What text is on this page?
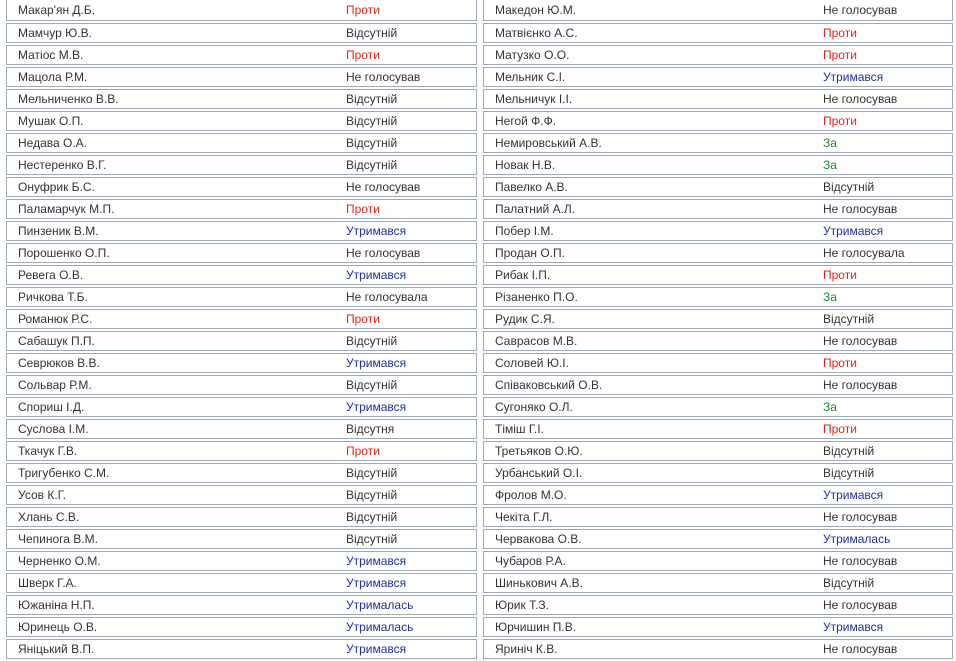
Макар'ян Д.Б.	Проти
Мамчур Ю.В.	Відсутній
Матіос М.В.	Проти
Мацола Р.М.	Не голосував
Мельниченко В.В.	Відсутній
Мушак О.П.	Відсутній
Недава О.А.	Відсутній
Нестеренко В.Г.	Відсутній
Онуфрик Б.С.	Не голосував
Паламарчук М.П.	Проти
Пинзеник В.М.	Утримався
Порошенко О.П.	Не голосував
Ревега О.В.	Утримався
Ричкова Т.Б.	Не голосувала
Романюк Р.С.	Проти
Сабашук П.П.	Відсутній
Севрюков В.В.	Утримався
Сольвар Р.М.	Відсутній
Спориш І.Д.	Утримався
Суслова І.М.	Відсутня
Ткачук Г.В.	Проти
Тригубенко С.М.	Відсутній
Усов К.Г.	Відсутній
Хлань С.В.	Відсутній
Чепинога В.М.	Відсутній
Черненко О.М.	Утримався
Шверк Г.А.	Утримався
Южаніна Н.П.	Утрималась
Юринець О.В.	Утрималась
Яніцький В.П.	Утримався
Македон Ю.М.	Не голосував
Матвієнко А.С.	Проти
Матузко О.О.	Проти
Мельник С.І.	Утримався
Мельничук І.І.	Не голосував
Негой Ф.Ф.	Проти
Немировський А.В.	За
Новак Н.В.	За
Павелко А.В.	Відсутній
Палатний А.Л.	Не голосував
Побер І.М.	Утримався
Продан О.П.	Не голосувала
Рибак І.П.	Проти
Різаненко П.О.	За
Рудик С.Я.	Відсутній
Саврасов М.В.	Не голосував
Соловей Ю.І.	Проти
Співаковський О.В.	Не голосував
Сугоняко О.Л.	За
Тіміш Г.І.	Проти
Третьяков О.Ю.	Відсутній
Урбанський О.І.	Відсутній
Фролов М.О.	Утримався
Чекіта Г.Л.	Не голосував
Червакова О.В.	Утрималась
Чубаров Р.А.	Не голосував
Шинькович А.В.	Відсутній
Юрик Т.З.	Не голосував
Юрчишин П.В.	Утримався
Яриніч К.В.	Не голосував
